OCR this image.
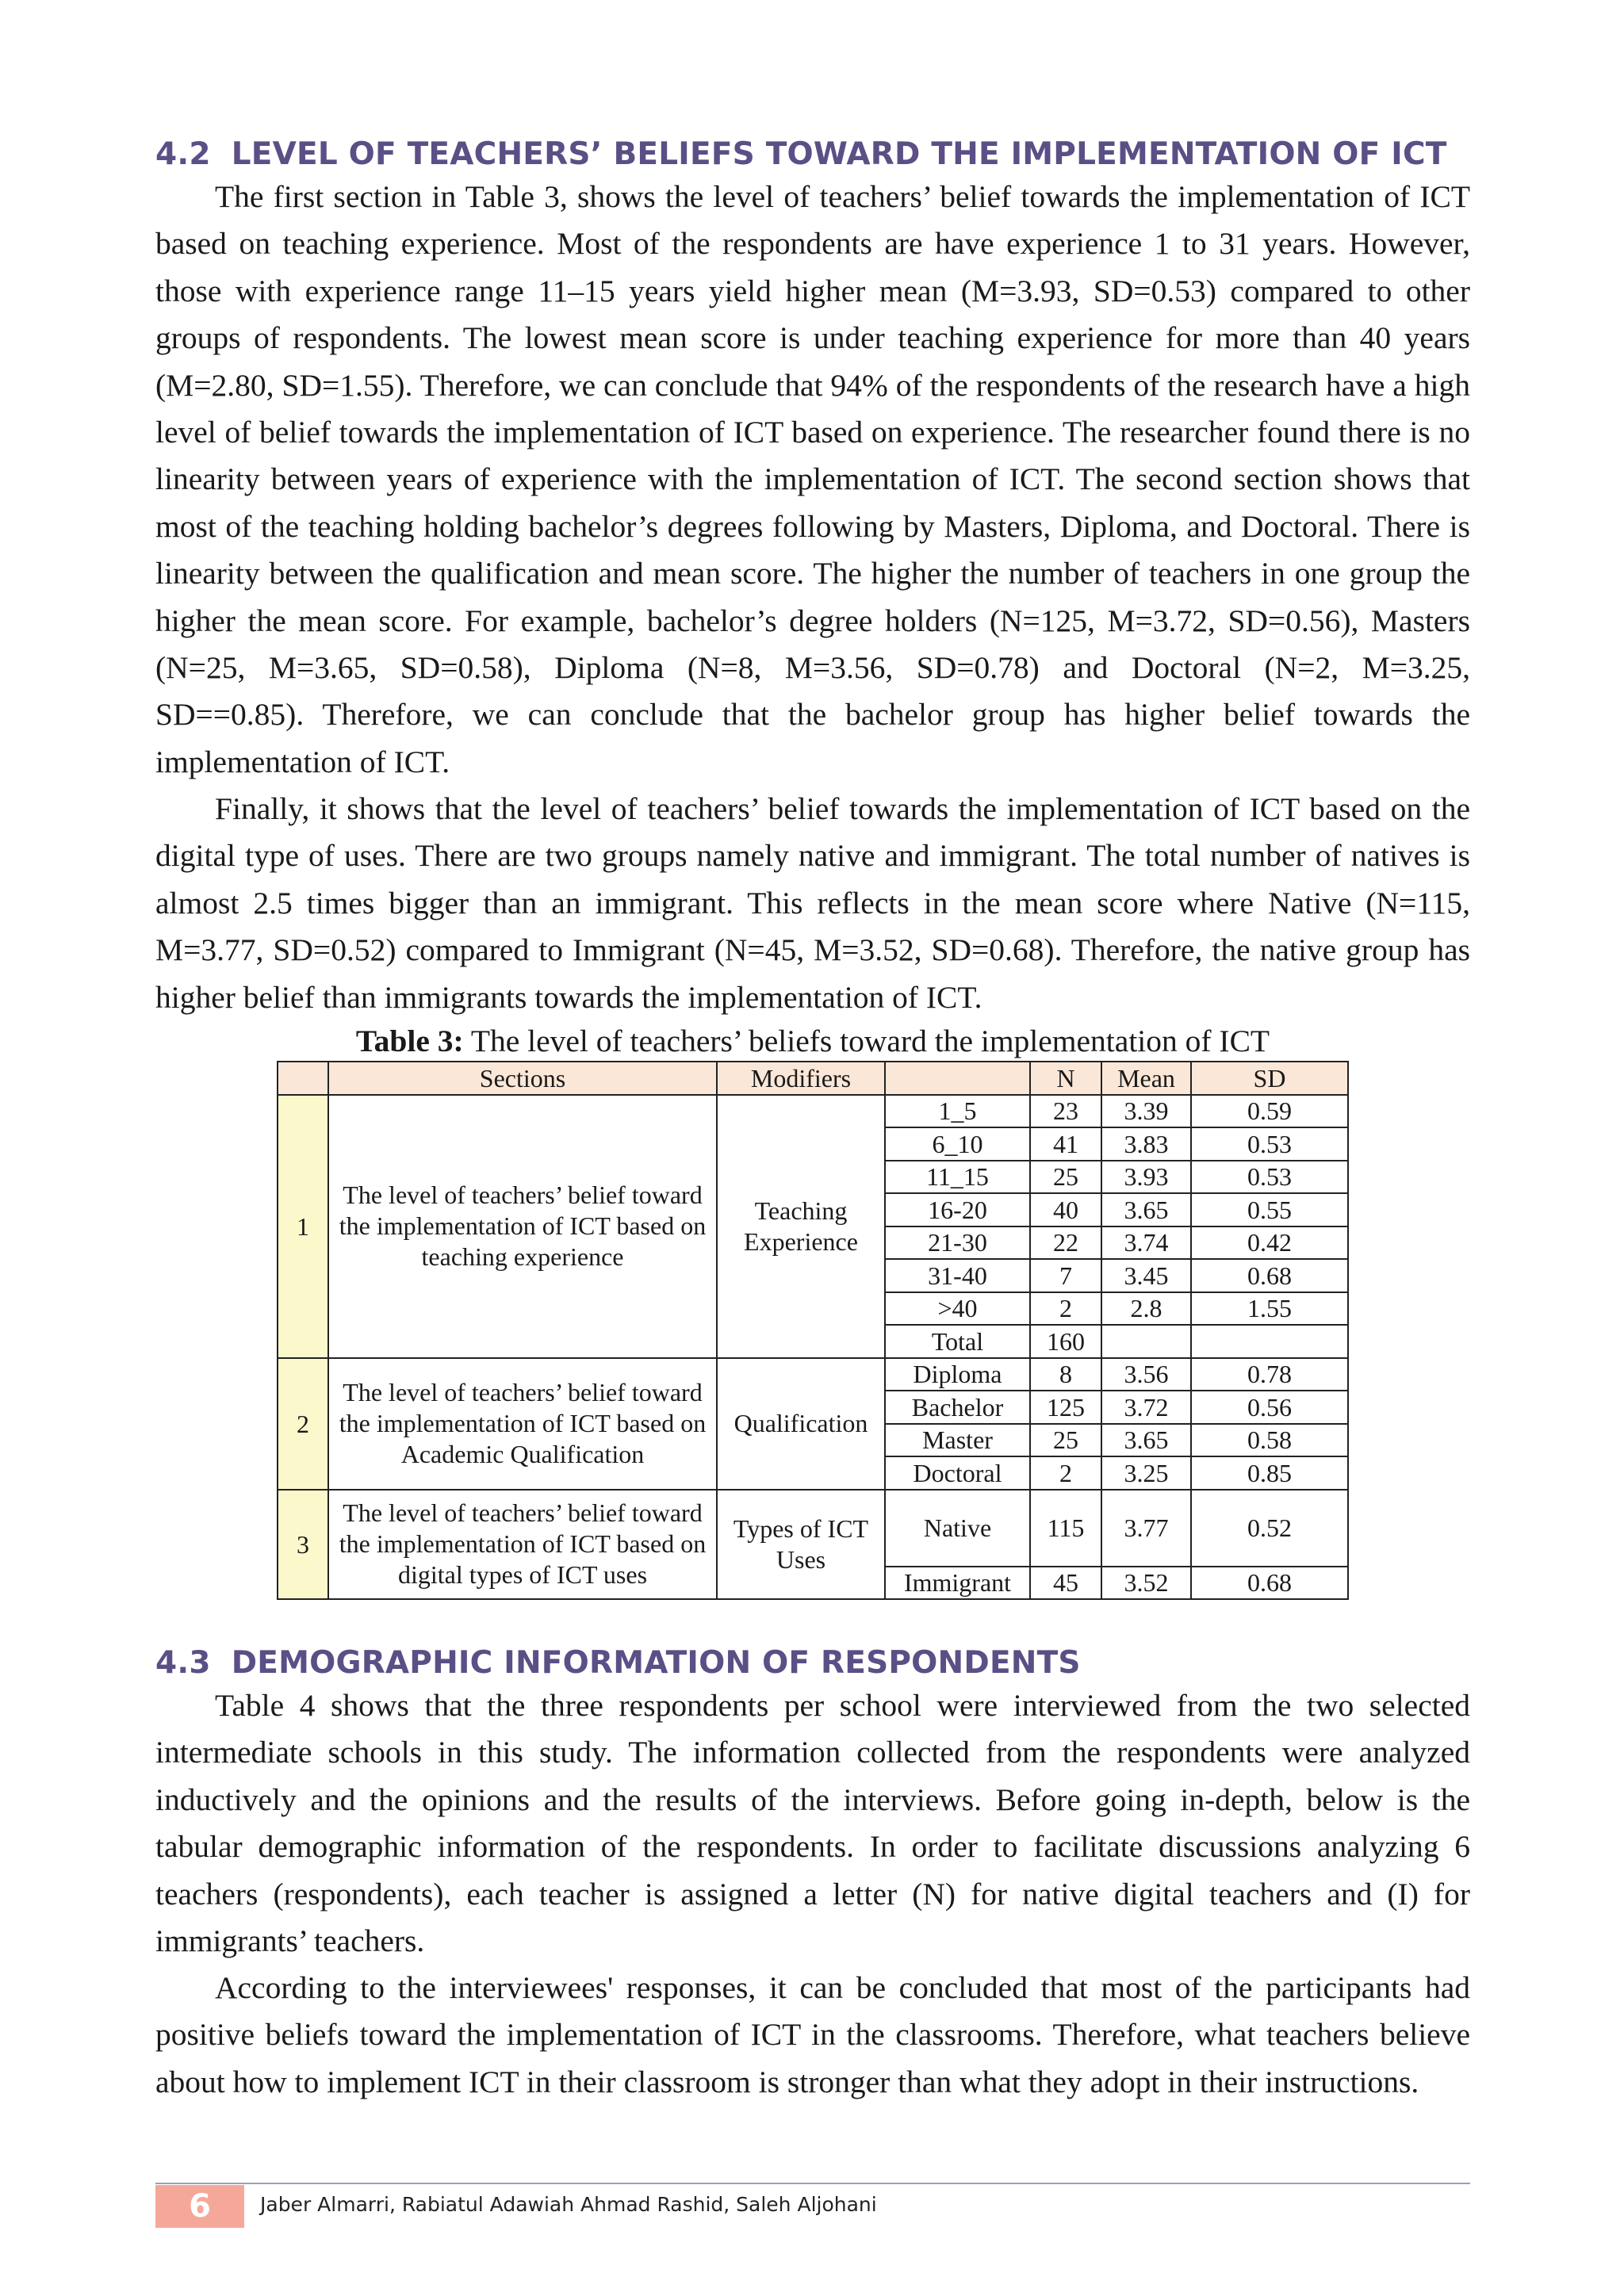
4.2 LEVEL OF TEACHERS’ BELIEFS TOWARD THE IMPLEMENTATION OF ICT

The first section in Table 3, shows the level of teachers’ belief towards the implementation of ICT based on teaching experience. Most of the respondents are have experience 1 to 31 years. However, those with experience range 11–15 years yield higher mean (M=3.93, SD=0.53) compared to other groups of respondents. The lowest mean score is under teaching experience for more than 40 years (M=2.80, SD=1.55). Therefore, we can conclude that 94% of the respondents of the research have a high level of belief towards the implementation of ICT based on experience. The researcher found there is no linearity between years of experience with the implementation of ICT. The second section shows that most of the teaching holding bachelor’s degrees following by Masters, Diploma, and Doctoral. There is linearity between the qualification and mean score. The higher the number of teachers in one group the higher the mean score. For example, bachelor’s degree holders (N=125, M=3.72, SD=0.56), Masters (N=25, M=3.65, SD=0.58), Diploma (N=8, M=3.56, SD=0.78) and Doctoral (N=2, M=3.25, SD==0.85). Therefore, we can conclude that the bachelor group has higher belief towards the implementation of ICT.

Finally, it shows that the level of teachers’ belief towards the implementation of ICT based on the digital type of uses. There are two groups namely native and immigrant. The total number of natives is almost 2.5 times bigger than an immigrant. This reflects in the mean score where Native (N=115, M=3.77, SD=0.52) compared to Immigrant (N=45, M=3.52, SD=0.68). Therefore, the native group has higher belief than immigrants towards the implementation of ICT.

Table 3: The level of teachers’ beliefs toward the implementation of ICT

	Sections	Modifiers		N	Mean	SD
1	The level of teachers’ belief toward the implementation of ICT based on teaching experience	Teaching Experience	1_5	23	3.39	0.59
			6_10	41	3.83	0.53
			11_15	25	3.93	0.53
			16-20	40	3.65	0.55
			21-30	22	3.74	0.42
			31-40	7	3.45	0.68
			>40	2	2.8	1.55
			Total	160		
2	The level of teachers’ belief toward the implementation of ICT based on Academic Qualification	Qualification	Diploma	8	3.56	0.78
			Bachelor	125	3.72	0.56
			Master	25	3.65	0.58
			Doctoral	2	3.25	0.85
3	The level of teachers’ belief toward the implementation of ICT based on digital types of ICT uses	Types of ICT Uses	Native	115	3.77	0.52
			Immigrant	45	3.52	0.68
4.3 DEMOGRAPHIC INFORMATION OF RESPONDENTS

Table 4 shows that the three respondents per school were interviewed from the two selected intermediate schools in this study. The information collected from the respondents were analyzed inductively and the opinions and the results of the interviews. Before going in-depth, below is the tabular demographic information of the respondents. In order to facilitate discussions analyzing 6 teachers (respondents), each teacher is assigned a letter (N) for native digital teachers and (I) for immigrants’ teachers.

According to the interviewees' responses, it can be concluded that most of the participants had positive beliefs toward the implementation of ICT in the classrooms. Therefore, what teachers believe about how to implement ICT in their classroom is stronger than what they adopt in their instructions.

6	Jaber Almarri, Rabiatul Adawiah Ahmad Rashid, Saleh Aljohani
